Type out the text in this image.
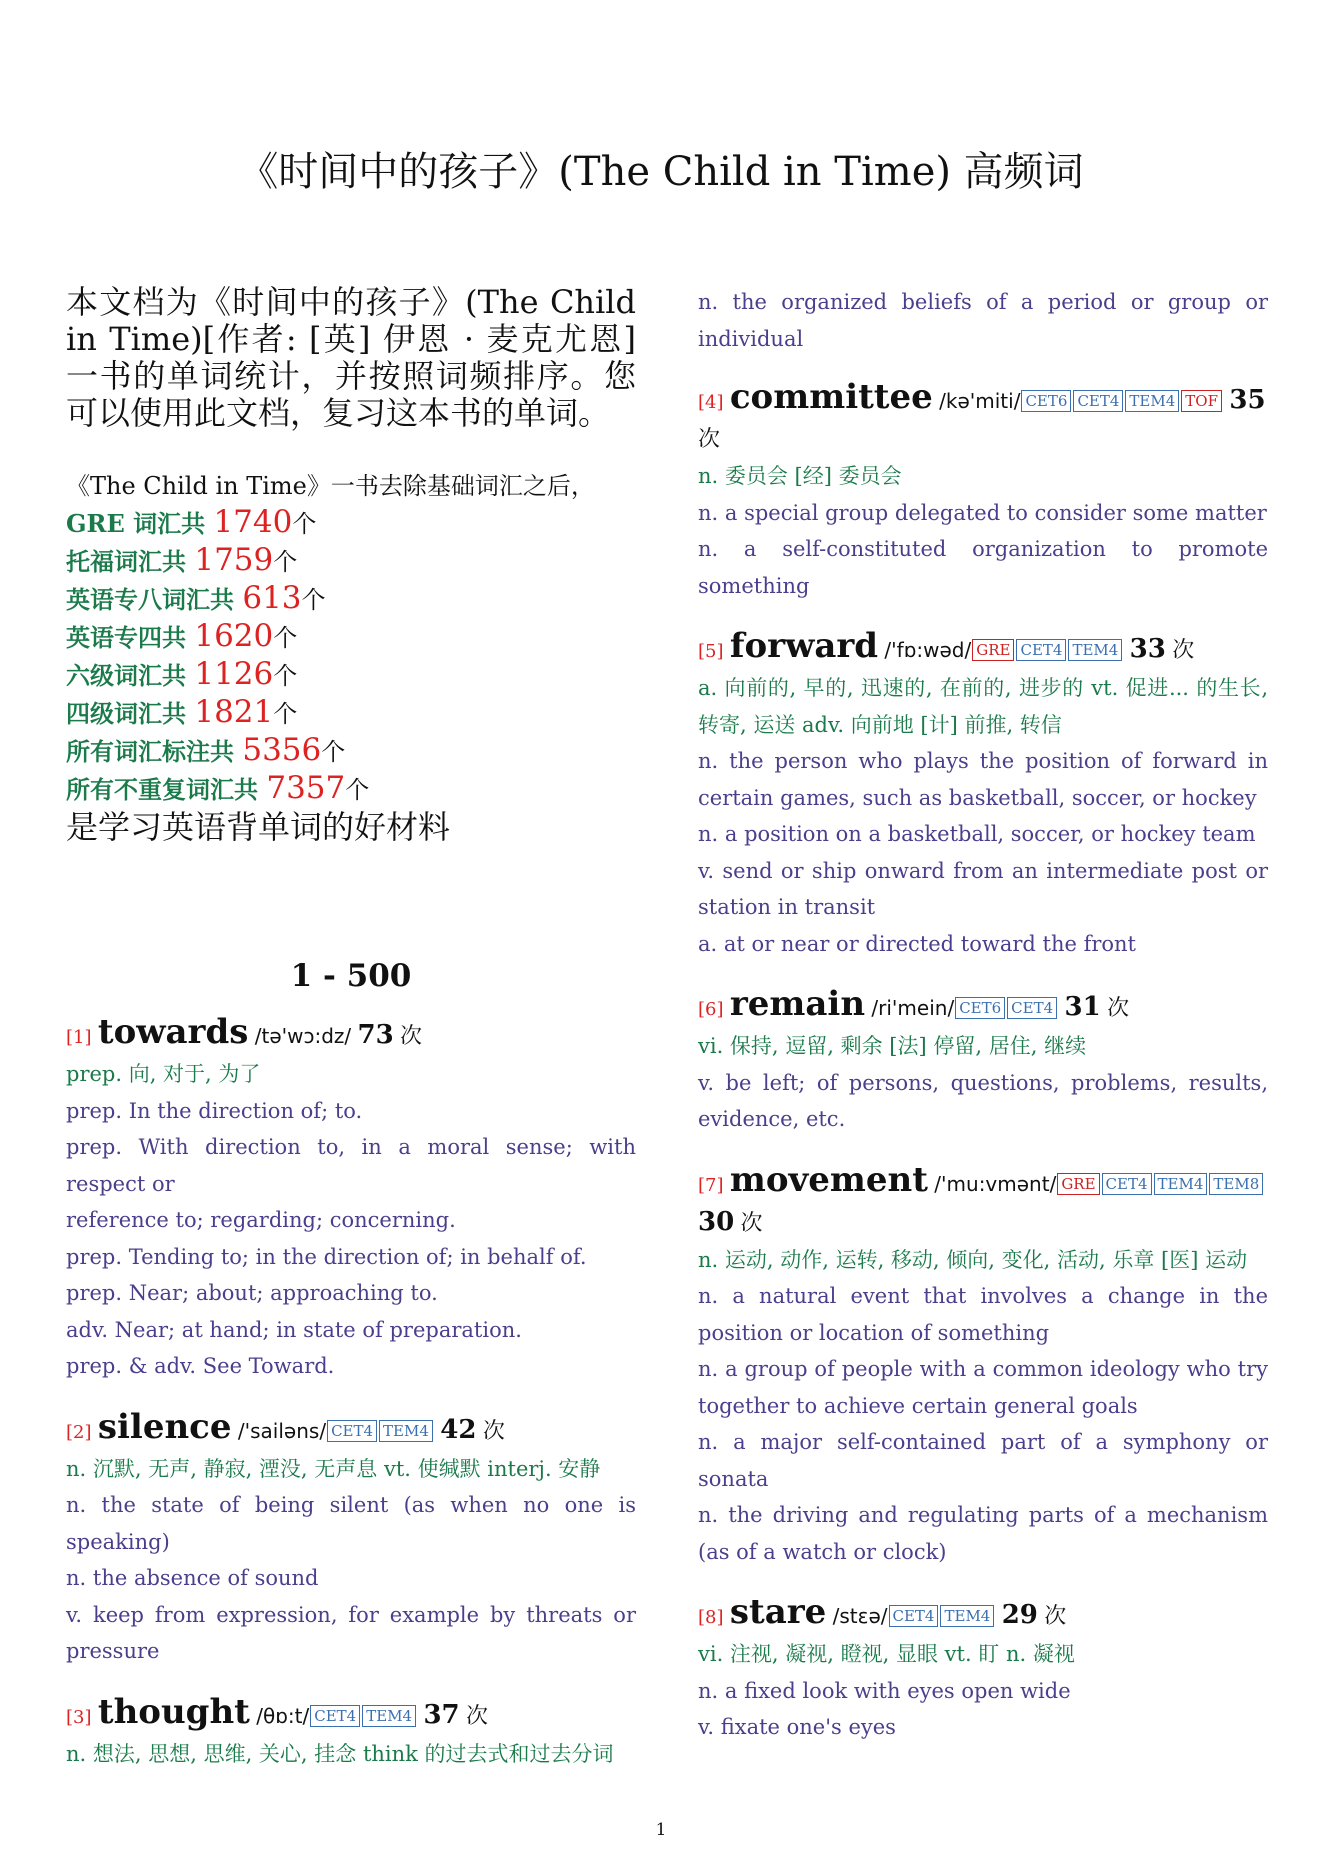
《时间中的孩子》(The Child in Time) 高频词

本文档为《时间中的孩子》(The Child in Time)[作者: [英] 伊恩 · 麦克尤恩] 一书的单词统计，并按照词频排序。您可以使用此文档，复习这本书的单词。

《The Child in Time》一书去除基础词汇之后，

GRE 词汇共 1740个

托福词汇共 1759个

英语专八词汇共 613个

英语专四共 1620个

六级词汇共 1126个

四级词汇共 1821个

所有词汇标注共 5356个

所有不重复词汇共 7357个

是学习英语背单词的好材料

1 - 500
[1] towards /tə'wɔ:dz/ 73 次

prep. 向, 对于, 为了

prep. In the direction of; to.

prep. With direction to, in a moral sense; with respect or

reference to; regarding; concerning.

prep. Tending to; in the direction of; in behalf of.

prep. Near; about; approaching to.

adv. Near; at hand; in state of preparation.

prep. & adv. See Toward.

[2] silence /'sailəns/ CET4 TEM4 42 次

n. 沉默, 无声, 静寂, 湮没, 无声息 vt. 使缄默 interj. 安静

n. the state of being silent (as when no one is speaking)

n. the absence of sound

v. keep from expression, for example by threats or pressure

[3] thought /θɒ:t/ CET4 TEM4 37 次

n. 想法, 思想, 思维, 关心, 挂念 think 的过去式和过去分词

n. the organized beliefs of a period or group or individual

[4] committee /kə'miti/ CET6 CET4 TEM4 TOF 35 次

n. 委员会 [经] 委员会

n. a special group delegated to consider some matter

n. a self-constituted organization to promote something

[5] forward /'fɒ:wəd/ GRE CET4 TEM4 33 次

a. 向前的, 早的, 迅速的, 在前的, 进步的 vt. 促进... 的生长, 转寄, 运送 adv. 向前地 [计] 前推, 转信

n. the person who plays the position of forward in certain games, such as basketball, soccer, or hockey

n. a position on a basketball, soccer, or hockey team

v. send or ship onward from an intermediate post or station in transit

a. at or near or directed toward the front

[6] remain /ri'mein/ CET6 CET4 31 次

vi. 保持, 逗留, 剩余 [法] 停留, 居住, 继续

v. be left; of persons, questions, problems, results, evidence, etc.

[7] movement /'mu:vmənt/ GRE CET4 TEM4 TEM8 30 次

n. 运动, 动作, 运转, 移动, 倾向, 变化, 活动, 乐章 [医] 运动

n. a natural event that involves a change in the position or location of something

n. a group of people with a common ideology who try together to achieve certain general goals

n. a major self-contained part of a symphony or sonata

n. the driving and regulating parts of a mechanism (as of a watch or clock)

[8] stare /stεə/ CET4 TEM4 29 次

vi. 注视, 凝视, 瞪视, 显眼 vt. 盯 n. 凝视

n. a fixed look with eyes open wide

v. fixate one's eyes

1
